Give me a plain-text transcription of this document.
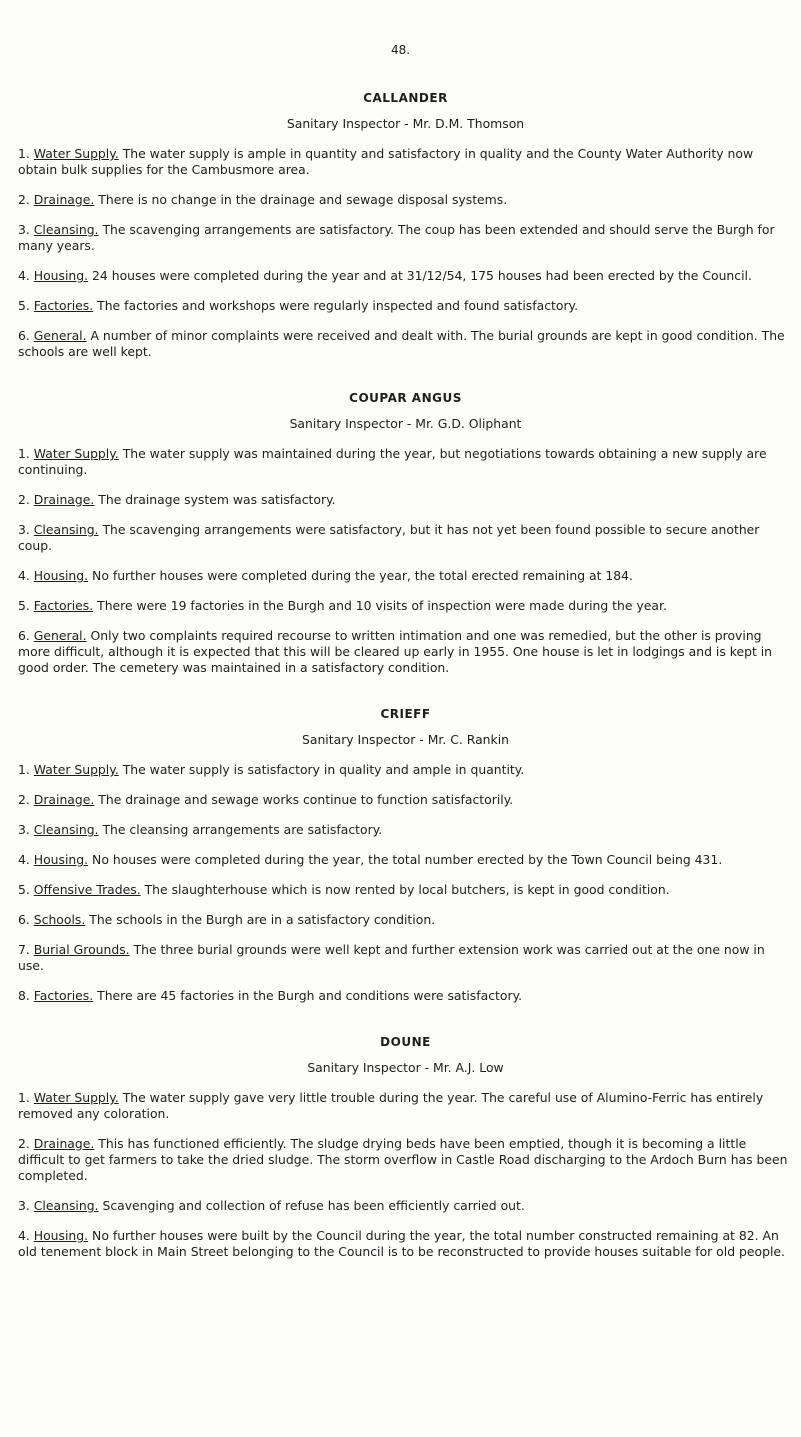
48.
CALLANDER
Sanitary Inspector - Mr. D.M. Thomson
1. Water Supply. The water supply is ample in quantity and satisfactory in quality and the County Water Authority now obtain bulk supplies for the Cambusmore area.
2. Drainage. There is no change in the drainage and sewage disposal systems.
3. Cleansing. The scavenging arrangements are satisfactory. The coup has been extended and should serve the Burgh for many years.
4. Housing. 24 houses were completed during the year and at 31/12/54, 175 houses had been erected by the Council.
5. Factories. The factories and workshops were regularly inspected and found satisfactory.
6. General. A number of minor complaints were received and dealt with. The burial grounds are kept in good condition. The schools are well kept.
COUPAR ANGUS
Sanitary Inspector - Mr. G.D. Oliphant
1. Water Supply. The water supply was maintained during the year, but negotiations towards obtaining a new supply are continuing.
2. Drainage. The drainage system was satisfactory.
3. Cleansing. The scavenging arrangements were satisfactory, but it has not yet been found possible to secure another coup.
4. Housing. No further houses were completed during the year, the total erected remaining at 184.
5. Factories. There were 19 factories in the Burgh and 10 visits of inspection were made during the year.
6. General. Only two complaints required recourse to written intimation and one was remedied, but the other is proving more difficult, although it is expected that this will be cleared up early in 1955. One house is let in lodgings and is kept in good order. The cemetery was maintained in a satisfactory condition.
CRIEFF
Sanitary Inspector - Mr. C. Rankin
1. Water Supply. The water supply is satisfactory in quality and ample in quantity.
2. Drainage. The drainage and sewage works continue to function satisfactorily.
3. Cleansing. The cleansing arrangements are satisfactory.
4. Housing. No houses were completed during the year, the total number erected by the Town Council being 431.
5. Offensive Trades. The slaughterhouse which is now rented by local butchers, is kept in good condition.
6. Schools. The schools in the Burgh are in a satisfactory condition.
7. Burial Grounds. The three burial grounds were well kept and further extension work was carried out at the one now in use.
8. Factories. There are 45 factories in the Burgh and conditions were satisfactory.
DOUNE
Sanitary Inspector - Mr. A.J. Low
1. Water Supply. The water supply gave very little trouble during the year. The careful use of Alumino-Ferric has entirely removed any coloration.
2. Drainage. This has functioned efficiently. The sludge drying beds have been emptied, though it is becoming a little difficult to get farmers to take the dried sludge. The storm overflow in Castle Road discharging to the Ardoch Burn has been completed.
3. Cleansing. Scavenging and collection of refuse has been efficiently carried out.
4. Housing. No further houses were built by the Council during the year, the total number constructed remaining at 82. An old tenement block in Main Street belonging to the Council is to be reconstructed to provide houses suitable for old people.
